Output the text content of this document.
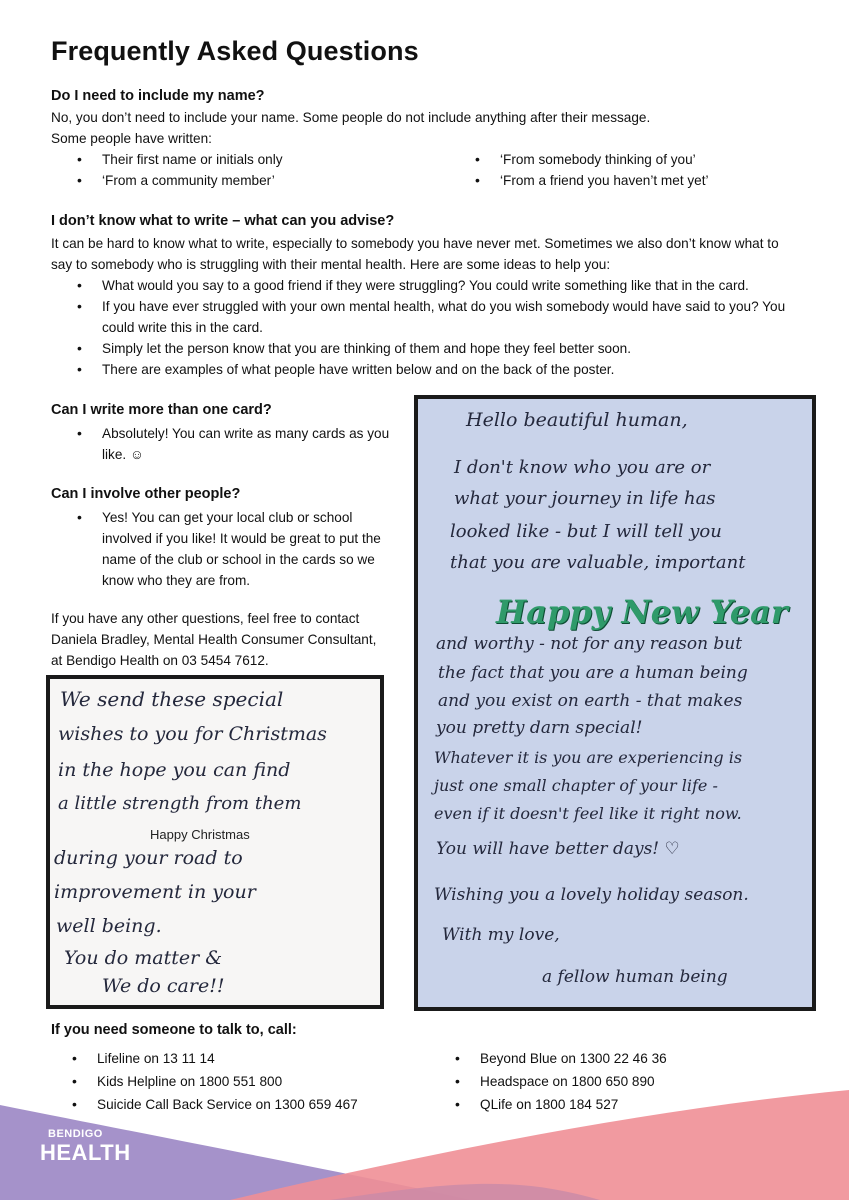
Frequently Asked Questions
Do I need to include my name?

No, you don’t need to include your name. Some people do not include anything after their message.

Some people have written:

• Their first name or initials only
• ‘From a community member’
• ‘From somebody thinking of you’
• ‘From a friend you haven’t met yet’
I don’t know what to write – what can you advise?

It can be hard to know what to write, especially to somebody you have never met. Sometimes we also don’t know what to say to somebody who is struggling with their mental health. Here are some ideas to help you:

• What would you say to a good friend if they were struggling? You could write something like that in the card.
• If you have ever struggled with your own mental health, what do you wish somebody would have said to you? You could write this in the card.
• Simply let the person know that you are thinking of them and hope they feel better soon.
• There are examples of what people have written below and on the back of the poster.
Can I write more than one card?
• Absolutely! You can write as many cards as you like. ☺
Can I involve other people?
• Yes! You can get your local club or school involved if you like! It would be great to put the name of the club or school in the cards so we know who they are from.

If you have any other questions, feel free to contact Daniela Bradley, Mental Health Consumer Consultant, at Bendigo Health on 03 5454 7612.

Hello beautiful human,
I don't know who you are or
what your journey in life has
looked like - but I will tell you
that you are valuable, important
Happy New Year
and worthy - not for any reason but
the fact that you are a human being
and you exist on earth - that makes
you pretty darn special!
Whatever it is you are experiencing is
just one small chapter of your life -
even if it doesn't feel like it right now.
You will have better days! ♡
Wishing you a lovely holiday season.
With my love,
a fellow human being
We send these special
wishes to you for Christmas
in the hope you can find
a little strength from them
Happy Christmas
during your road to
improvement in your
well being.
You do matter &
We do care!!
If you need someone to talk to, call:
• Lifeline on 13 11 14
• Kids Helpline on 1800 551 800
• Suicide Call Back Service on 1300 659 467
• Beyond Blue on 1300 22 46 36
• Headspace on 1800 650 890
• QLife on 1800 184 527
BENDIGO
HEALTH
